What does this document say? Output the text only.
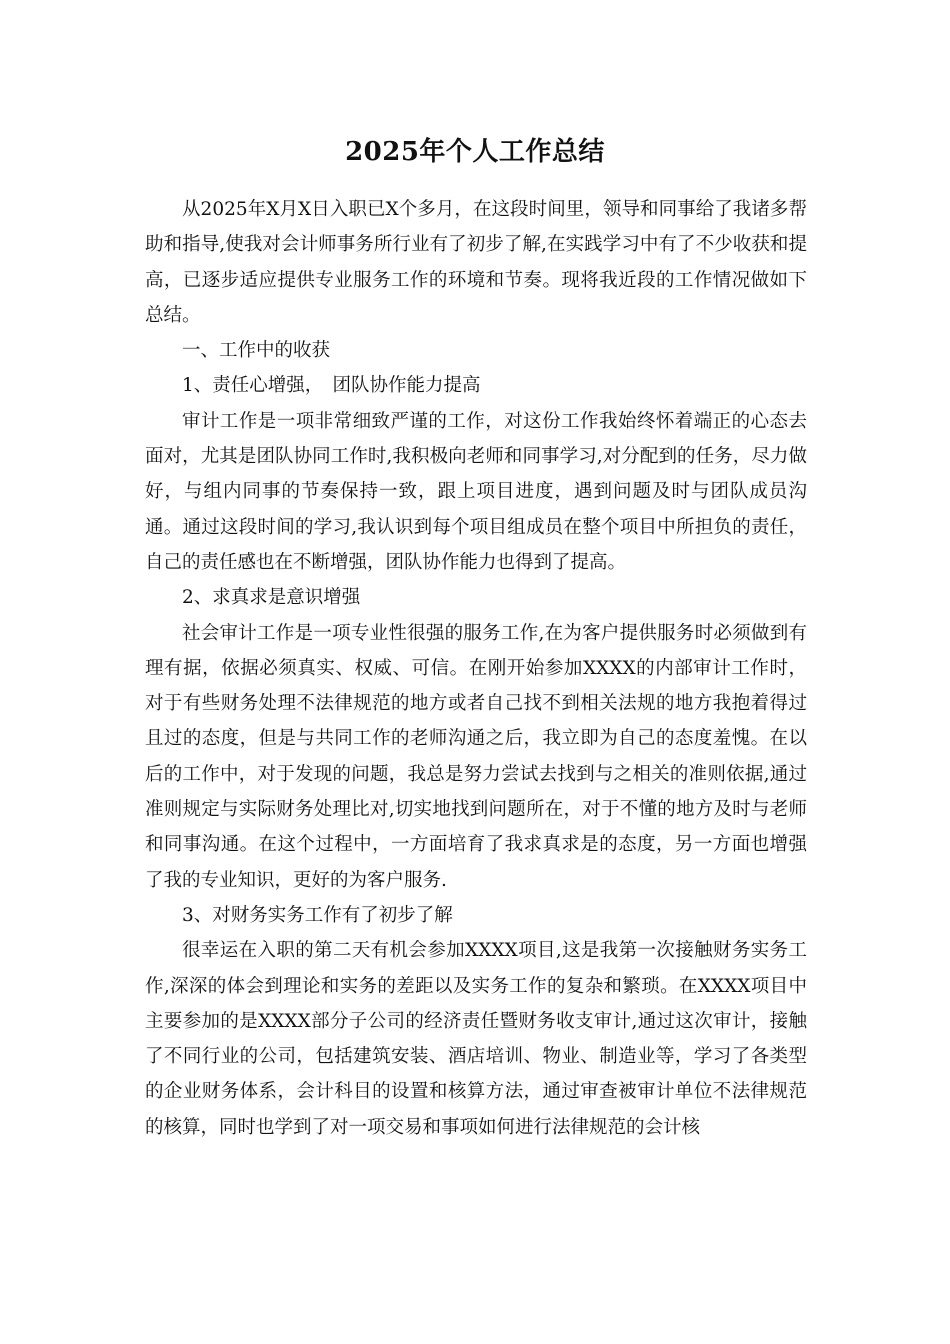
2025年个人工作总结

从2025年X月X日入职已X个多月，在这段时间里，领导和同事给了我诸多帮助和指导,使我对会计师事务所行业有了初步了解,在实践学习中有了不少收获和提高，已逐步适应提供专业服务工作的环境和节奏。现将我近段的工作情况做如下总结。

一、工作中的收获

1、责任心增强，　团队协作能力提高

审计工作是一项非常细致严谨的工作，对这份工作我始终怀着端正的心态去面对，尤其是团队协同工作时,我积极向老师和同事学习,对分配到的任务，尽力做好，与组内同事的节奏保持一致，跟上项目进度，遇到问题及时与团队成员沟通。通过这段时间的学习,我认识到每个项目组成员在整个项目中所担负的责任，自己的责任感也在不断增强，团队协作能力也得到了提高。

2、求真求是意识增强

社会审计工作是一项专业性很强的服务工作,在为客户提供服务时必须做到有理有据，依据必须真实、权威、可信。在刚开始参加XXXX的内部审计工作时，对于有些财务处理不法律规范的地方或者自己找不到相关法规的地方我抱着得过且过的态度，但是与共同工作的老师沟通之后，我立即为自己的态度羞愧。在以后的工作中，对于发现的问题，我总是努力尝试去找到与之相关的准则依据,通过准则规定与实际财务处理比对,切实地找到问题所在，对于不懂的地方及时与老师和同事沟通。在这个过程中，一方面培育了我求真求是的态度，另一方面也增强了我的专业知识，更好的为客户服务.

3、对财务实务工作有了初步了解

很幸运在入职的第二天有机会参加XXXX项目,这是我第一次接触财务实务工作,深深的体会到理论和实务的差距以及实务工作的复杂和繁琐。在XXXX项目中主要参加的是XXXX部分子公司的经济责任暨财务收支审计,通过这次审计，接触了不同行业的公司，包括建筑安装、酒店培训、物业、制造业等，学习了各类型的企业财务体系，会计科目的设置和核算方法，通过审查被审计单位不法律规范的核算，同时也学到了对一项交易和事项如何进行法律规范的会计核
